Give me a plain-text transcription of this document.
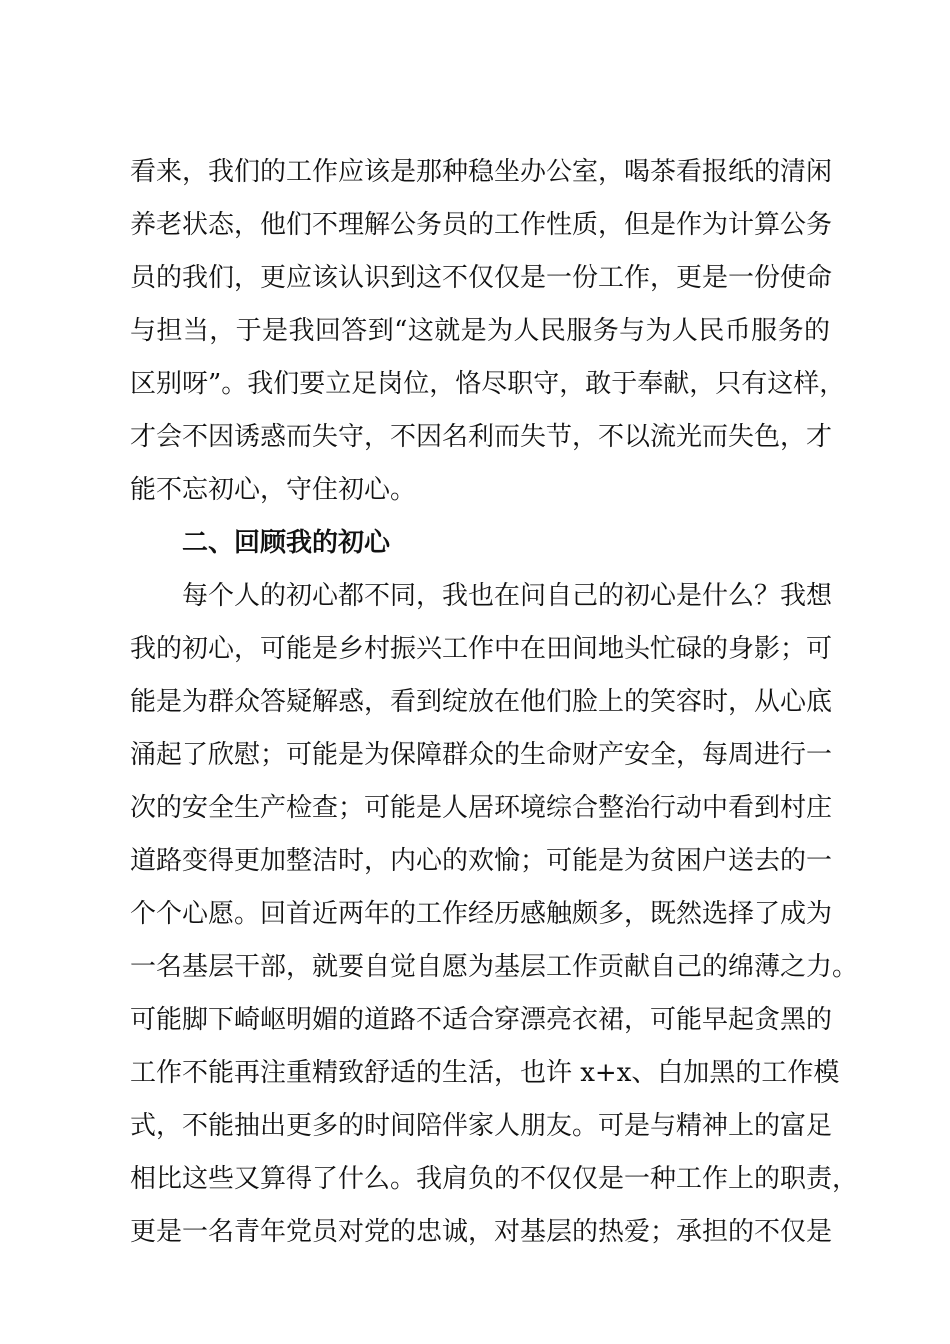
看来，我们的工作应该是那种稳坐办公室，喝茶看报纸的清闲
养老状态，他们不理解公务员的工作性质，但是作为计算公务
员的我们，更应该认识到这不仅仅是一份工作，更是一份使命
与担当，于是我回答到“这就是为人民服务与为人民币服务的
区别呀”。我们要立足岗位，恪尽职守，敢于奉献，只有这样，
才会不因诱惑而失守，不因名利而失节，不以流光而失色，才
能不忘初心，守住初心。
二、回顾我的初心
每个人的初心都不同，我也在问自己的初心是什么？我想
我的初心，可能是乡村振兴工作中在田间地头忙碌的身影；可
能是为群众答疑解惑，看到绽放在他们脸上的笑容时，从心底
涌起了欣慰；可能是为保障群众的生命财产安全，每周进行一
次的安全生产检查；可能是人居环境综合整治行动中看到村庄
道路变得更加整洁时，内心的欢愉；可能是为贫困户送去的一
个个心愿。回首近两年的工作经历感触颇多，既然选择了成为
一名基层干部，就要自觉自愿为基层工作贡献自己的绵薄之力。
可能脚下崎岖明媚的道路不适合穿漂亮衣裙，可能早起贪黑的
工作不能再注重精致舒适的生活，也许 x+x、白加黑的工作模
式，不能抽出更多的时间陪伴家人朋友。可是与精神上的富足
相比这些又算得了什么。我肩负的不仅仅是一种工作上的职责，
更是一名青年党员对党的忠诚，对基层的热爱；承担的不仅是
